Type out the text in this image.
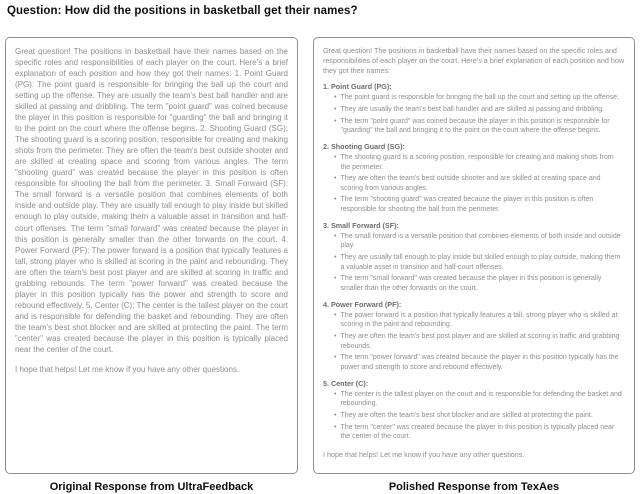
Question: How did the positions in basketball get their names?
Great question! The positions in basketball have their names based on the specific roles and responsibilities of each player on the court. Here's a brief explanation of each position and how they got their names: 1. Point Guard (PG): The point guard is responsible for bringing the ball up the court and setting up the offense. They are usually the team's best ball handler and are skilled at passing and dribbling. The term "point guard" was coined because the player in this position is responsible for "guarding" the ball and bringing it to the point on the court where the offense begins. 2. Shooting Guard (SG): The shooting guard is a scoring position, responsible for creating and making shots from the perimeter. They are often the team's best outside shooter and are skilled at creating space and scoring from various angles. The term "shooting guard" was created because the player in this position is often responsible for shooting the ball from the perimeter. 3. Small Forward (SF): The small forward is a versatile position that combines elements of both inside and outside play. They are usually tall enough to play inside but skilled enough to play outside, making them a valuable asset in transition and half-court offenses. The term "small forward" was created because the player in this position is generally smaller than the other forwards on the court. 4. Power Forward (PF): The power forward is a position that typically features a tall, strong player who is skilled at scoring in the paint and rebounding. They are often the team's best post player and are skilled at scoring in traffic and grabbing rebounds. The term "power forward" was created because the player in this position typically has the power and strength to score and rebound effectively. 5. Center (C): The center is the tallest player on the court and is responsible for defending the basket and rebounding. They are often the team's best shot blocker and are skilled at protecting the paint. The term "center" was created because the player in this position is typically placed near the center of the court.
I hope that helps! Let me know if you have any other questions.
Great question! The positions in basketball have their names based on the specific roles and responsibilities of each player on the court. Here's a brief explanation of each position and how they got their names:
1. Point Guard (PG):
• The point guard is responsible for bringing the ball up the court and setting up the offense.
• They are usually the team's best ball handler and are skilled at passing and dribbling.
• The term "point guard" was coined because the player in this position is responsible for "guarding" the ball and bringing it to the point on the court where the offense begins.
2. Shooting Guard (SG):
• The shooting guard is a scoring position, responsible for creating and making shots from the perimeter.
• They are often the team's best outside shooter and are skilled at creating space and scoring from various angles.
• The term "shooting guard" was created because the player in this position is often responsible for shooting the ball from the perimeter.
3. Small Forward (SF):
• The small forward is a versatile position that combines elements of both inside and outside play.
• They are usually tall enough to play inside but skilled enough to play outside, making them a valuable asset in transition and half-court offenses.
• The term "small forward" was created because the player in this position is generally smaller than the other forwards on the court.
4. Power Forward (PF):
• The power forward is a position that typically features a tall, strong player who is skilled at scoring in the paint and rebounding.
• They are often the team's best post player and are skilled at scoring in traffic and grabbing rebounds.
• The term "power forward" was created because the player in this position typically has the power and strength to score and rebound effectively.
5. Center (C):
• The center is the tallest player on the court and is responsible for defending the basket and rebounding.
• They are often the team's best shot blocker and are skilled at protecting the paint.
• The term "center" was created because the player in this position is typically placed near the center of the court.
I hope that helps! Let me know if you have any other questions.
Original Response from UltraFeedback	Polished Response from TexAes
